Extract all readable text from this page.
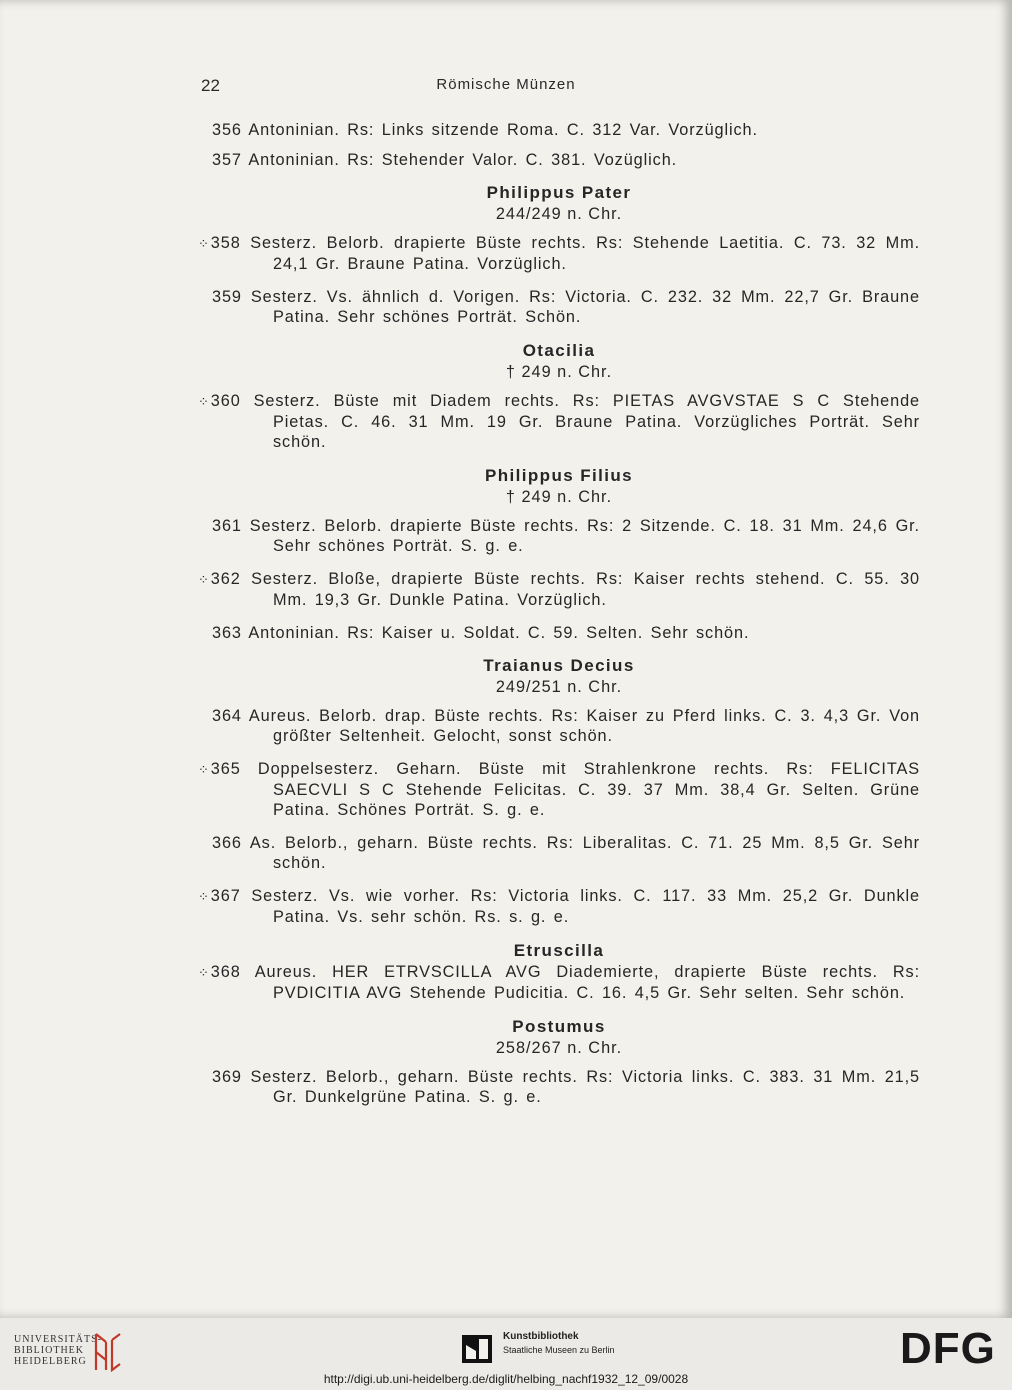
22	Römische Münzen
356 Antoninian. Rs: Links sitzende Roma. C. 312 Var. Vorzüglich.
357 Antoninian. Rs: Stehender Valor. C. 381. Vozüglich.
Philippus Pater
244/249 n. Chr.
⁘358 Sesterz. Belorb. drapierte Büste rechts. Rs: Stehende Laetitia. C. 73. 32 Mm. 24,1 Gr. Braune Patina. Vorzüglich.
359 Sesterz. Vs. ähnlich d. Vorigen. Rs: Victoria. C. 232. 32 Mm. 22,7 Gr. Braune Patina. Sehr schönes Porträt. Schön.
Otacilia
† 249 n. Chr.
⁘360 Sesterz. Büste mit Diadem rechts. Rs: PIETAS AVGVSTAE S C Stehende Pietas. C. 46. 31 Mm. 19 Gr. Braune Patina. Vorzügliches Porträt. Sehr schön.
Philippus Filius
† 249 n. Chr.
361 Sesterz. Belorb. drapierte Büste rechts. Rs: 2 Sitzende. C. 18. 31 Mm. 24,6 Gr. Sehr schönes Porträt. S. g. e.
⁘362 Sesterz. Bloße, drapierte Büste rechts. Rs: Kaiser rechts stehend. C. 55. 30 Mm. 19,3 Gr. Dunkle Patina. Vorzüglich.
363 Antoninian. Rs: Kaiser u. Soldat. C. 59. Selten. Sehr schön.
Traianus Decius
249/251 n. Chr.
364 Aureus. Belorb. drap. Büste rechts. Rs: Kaiser zu Pferd links. C. 3. 4,3 Gr. Von größter Seltenheit. Gelocht, sonst schön.
⁘365 Doppelsesterz. Geharn. Büste mit Strahlenkrone rechts. Rs: FELICITAS SAECVLI S C Stehende Felicitas. C. 39. 37 Mm. 38,4 Gr. Selten. Grüne Patina. Schönes Porträt. S. g. e.
366 As. Belorb., geharn. Büste rechts. Rs: Liberalitas. C. 71. 25 Mm. 8,5 Gr. Sehr schön.
⁘367 Sesterz. Vs. wie vorher. Rs: Victoria links. C. 117. 33 Mm. 25,2 Gr. Dunkle Patina. Vs. sehr schön. Rs. s. g. e.
Etruscilla
⁘368 Aureus. HER ETRVSCILLA AVG Diademierte, drapierte Büste rechts. Rs: PVDICITIA AVG Stehende Pudicitia. C. 16. 4,5 Gr. Sehr selten. Sehr schön.
Postumus
258/267 n. Chr.
369 Sesterz. Belorb., geharn. Büste rechts. Rs: Victoria links. C. 383. 31 Mm. 21,5 Gr. Dunkelgrüne Patina. S. g. e.
UNIVERSITÄTS-
BIBLIOTHEK
HEIDELBERG
Kunstbibliothek
Staatliche Museen zu Berlin	DFG
http://digi.ub.uni-heidelberg.de/diglit/helbing_nachf1932_12_09/0028
